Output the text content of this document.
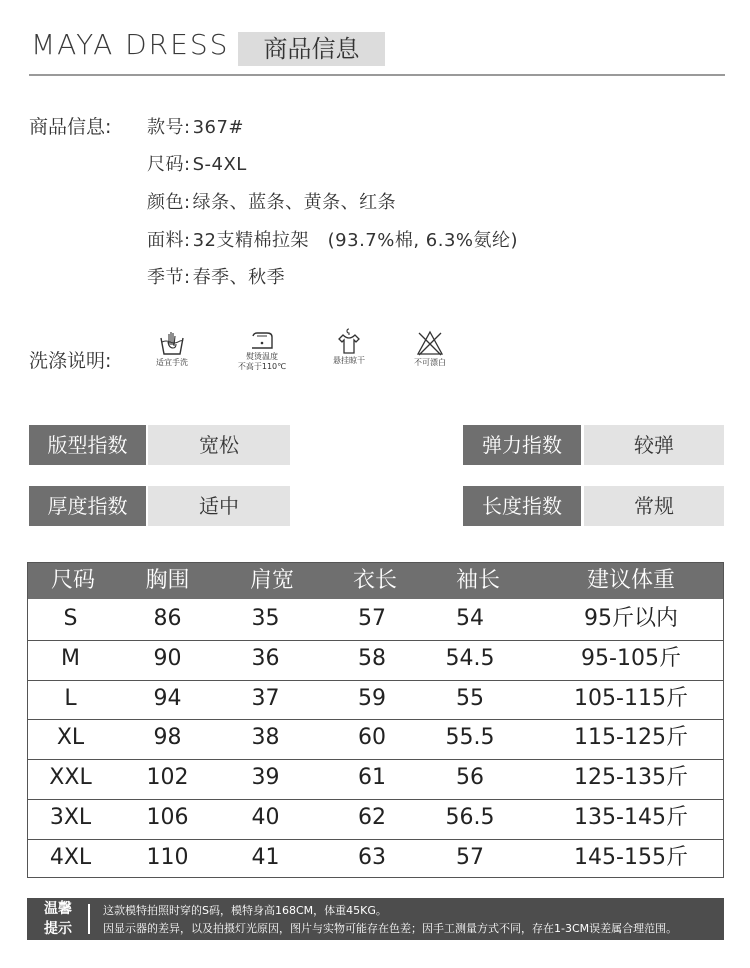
MAYA DRESS	商品信息
商品信息: 款号: 367#
尺码: S-4XL
颜色: 绿条、蓝条、黄条、红条
面料: 32支精棉拉架   (93.7%棉, 6.3%氨纶)
季节: 春季、秋季
洗涤说明:	适宜手洗
熨烫温度
不高于110℃
悬挂晾干	不可漂白
版型指数	宽松	弹力指数	较弹
厚度指数	适中	长度指数	常规
尺码	胸围	肩宽	衣长	袖长	建议体重
S	86	35	57	54	95斤以内
M	90	36	58	54.5	95-105斤
L	94	37	59	55	105-115斤
XL	98	38	60	55.5	115-125斤
XXL	102	39	61	56	125-135斤
3XL	106	40	62	56.5	135-145斤
4XL	110	41	63	57	145-155斤
温馨
提示
这款模特拍照时穿的S码，模特身高168CM，体重45KG。
因显示器的差异，以及拍摄灯光原因，图片与实物可能存在色差；因手工测量方式不同，存在1-3CM误差属合理范围。
